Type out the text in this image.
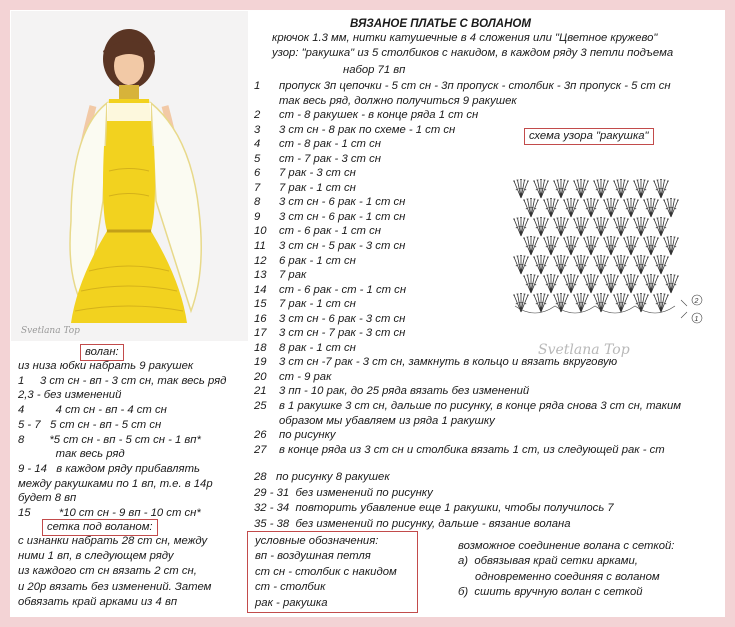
Svetlana Top
ВЯЗАНОЕ ПЛАТЬЕ С ВОЛАНОМ
крючок 1.3 мм, нитки катушечные в 4 сложения или "Цветное кружево"
узор: "ракушка" из 5 столбиков с накидом, в каждом ряду 3 петли подъема
набор 71 вп
1
2
3
4
5
6
7
8
9
10
11
12
13
14
15
16
17
18
19
20
21
25
26
27
пропуск 3п цепочки - 5 ст сн - 3п пропуск - столбик - 3п пропуск - 5 ст сн
так весь ряд, должно получиться 9 ракушек
ст - 8 ракушек - в конце ряда 1 ст сн
3 ст сн - 8 рак по схеме - 1 ст сн
ст - 8 рак - 1 ст сн
ст - 7 рак - 3 ст сн
7 рак - 3 ст сн
7 рак - 1 ст сн
3 ст сн - 6 рак - 1 ст сн
3 ст сн - 6 рак - 1 ст сн
ст - 6 рак - 1 ст сн
3 ст сн - 5 рак - 3 ст сн
6 рак - 1 ст сн
7 рак
ст - 6 рак - ст - 1 ст сн
7 рак - 1 ст сн
3 ст сн - 6 рак - 3 ст сн
3 ст сн - 7 рак - 3 ст сн
8 рак - 1 ст сн
3 ст сн -7 рак - 3 ст сн, замкнуть в кольцо и вязать вкруговую
ст - 9 рак
3 пп - 10 рак, до 25 ряда вязать без изменений
в 1 ракушке 3 ст сн, дальше по рисунку, в конце ряда снова 3 ст сн, таким
образом мы убавляем из ряда 1 ракушку
по рисунку
в конце ряда из 3 ст сн и столбика вязать 1 ст, из следующей рак - ст
28 по рисунку 8 ракушек
29 - 31 без изменений по рисунку
32 - 34 повторить убавление еще 1 ракушки, чтобы получилось 7
35 - 38 без изменений по рисунку, дальше - вязание волана
схема узора "ракушка"
2
1
Svetlana Top
волан:
из низа юбки набрать 9 ракушек
1     3 ст сн - вп - 3 ст сн, так весь ряд
2,3 - без изменений
4          4 ст сн - вп - 4 ст сн
5 - 7   5 ст сн - вп - 5 ст сн
8        *5 ст сн - вп - 5 ст сн - 1 вп*
так весь ряд
9 - 14   в каждом ряду прибавлять
между ракушками по 1 вп, т.е. в 14р
будет 8 вп
15         *10 ст сн - 9 вп - 10 ст сн*
сетка под воланом:
с изнанки набрать 28 ст сн, между
ними 1 вп, в следующем ряду
из каждого ст сн вязать 2 ст сн,
и 20р вязать без изменений. Затем
обвязать край арками из 4 вп
условные обозначения:
вп - воздушная петля
ст сн - столбик с накидом
ст - столбик
рак - ракушка
возможное соединение волана с сеткой:
а)  обвязывая край сетки арками,
одновременно соединяя с воланом
б)  сшить вручную волан с сеткой
